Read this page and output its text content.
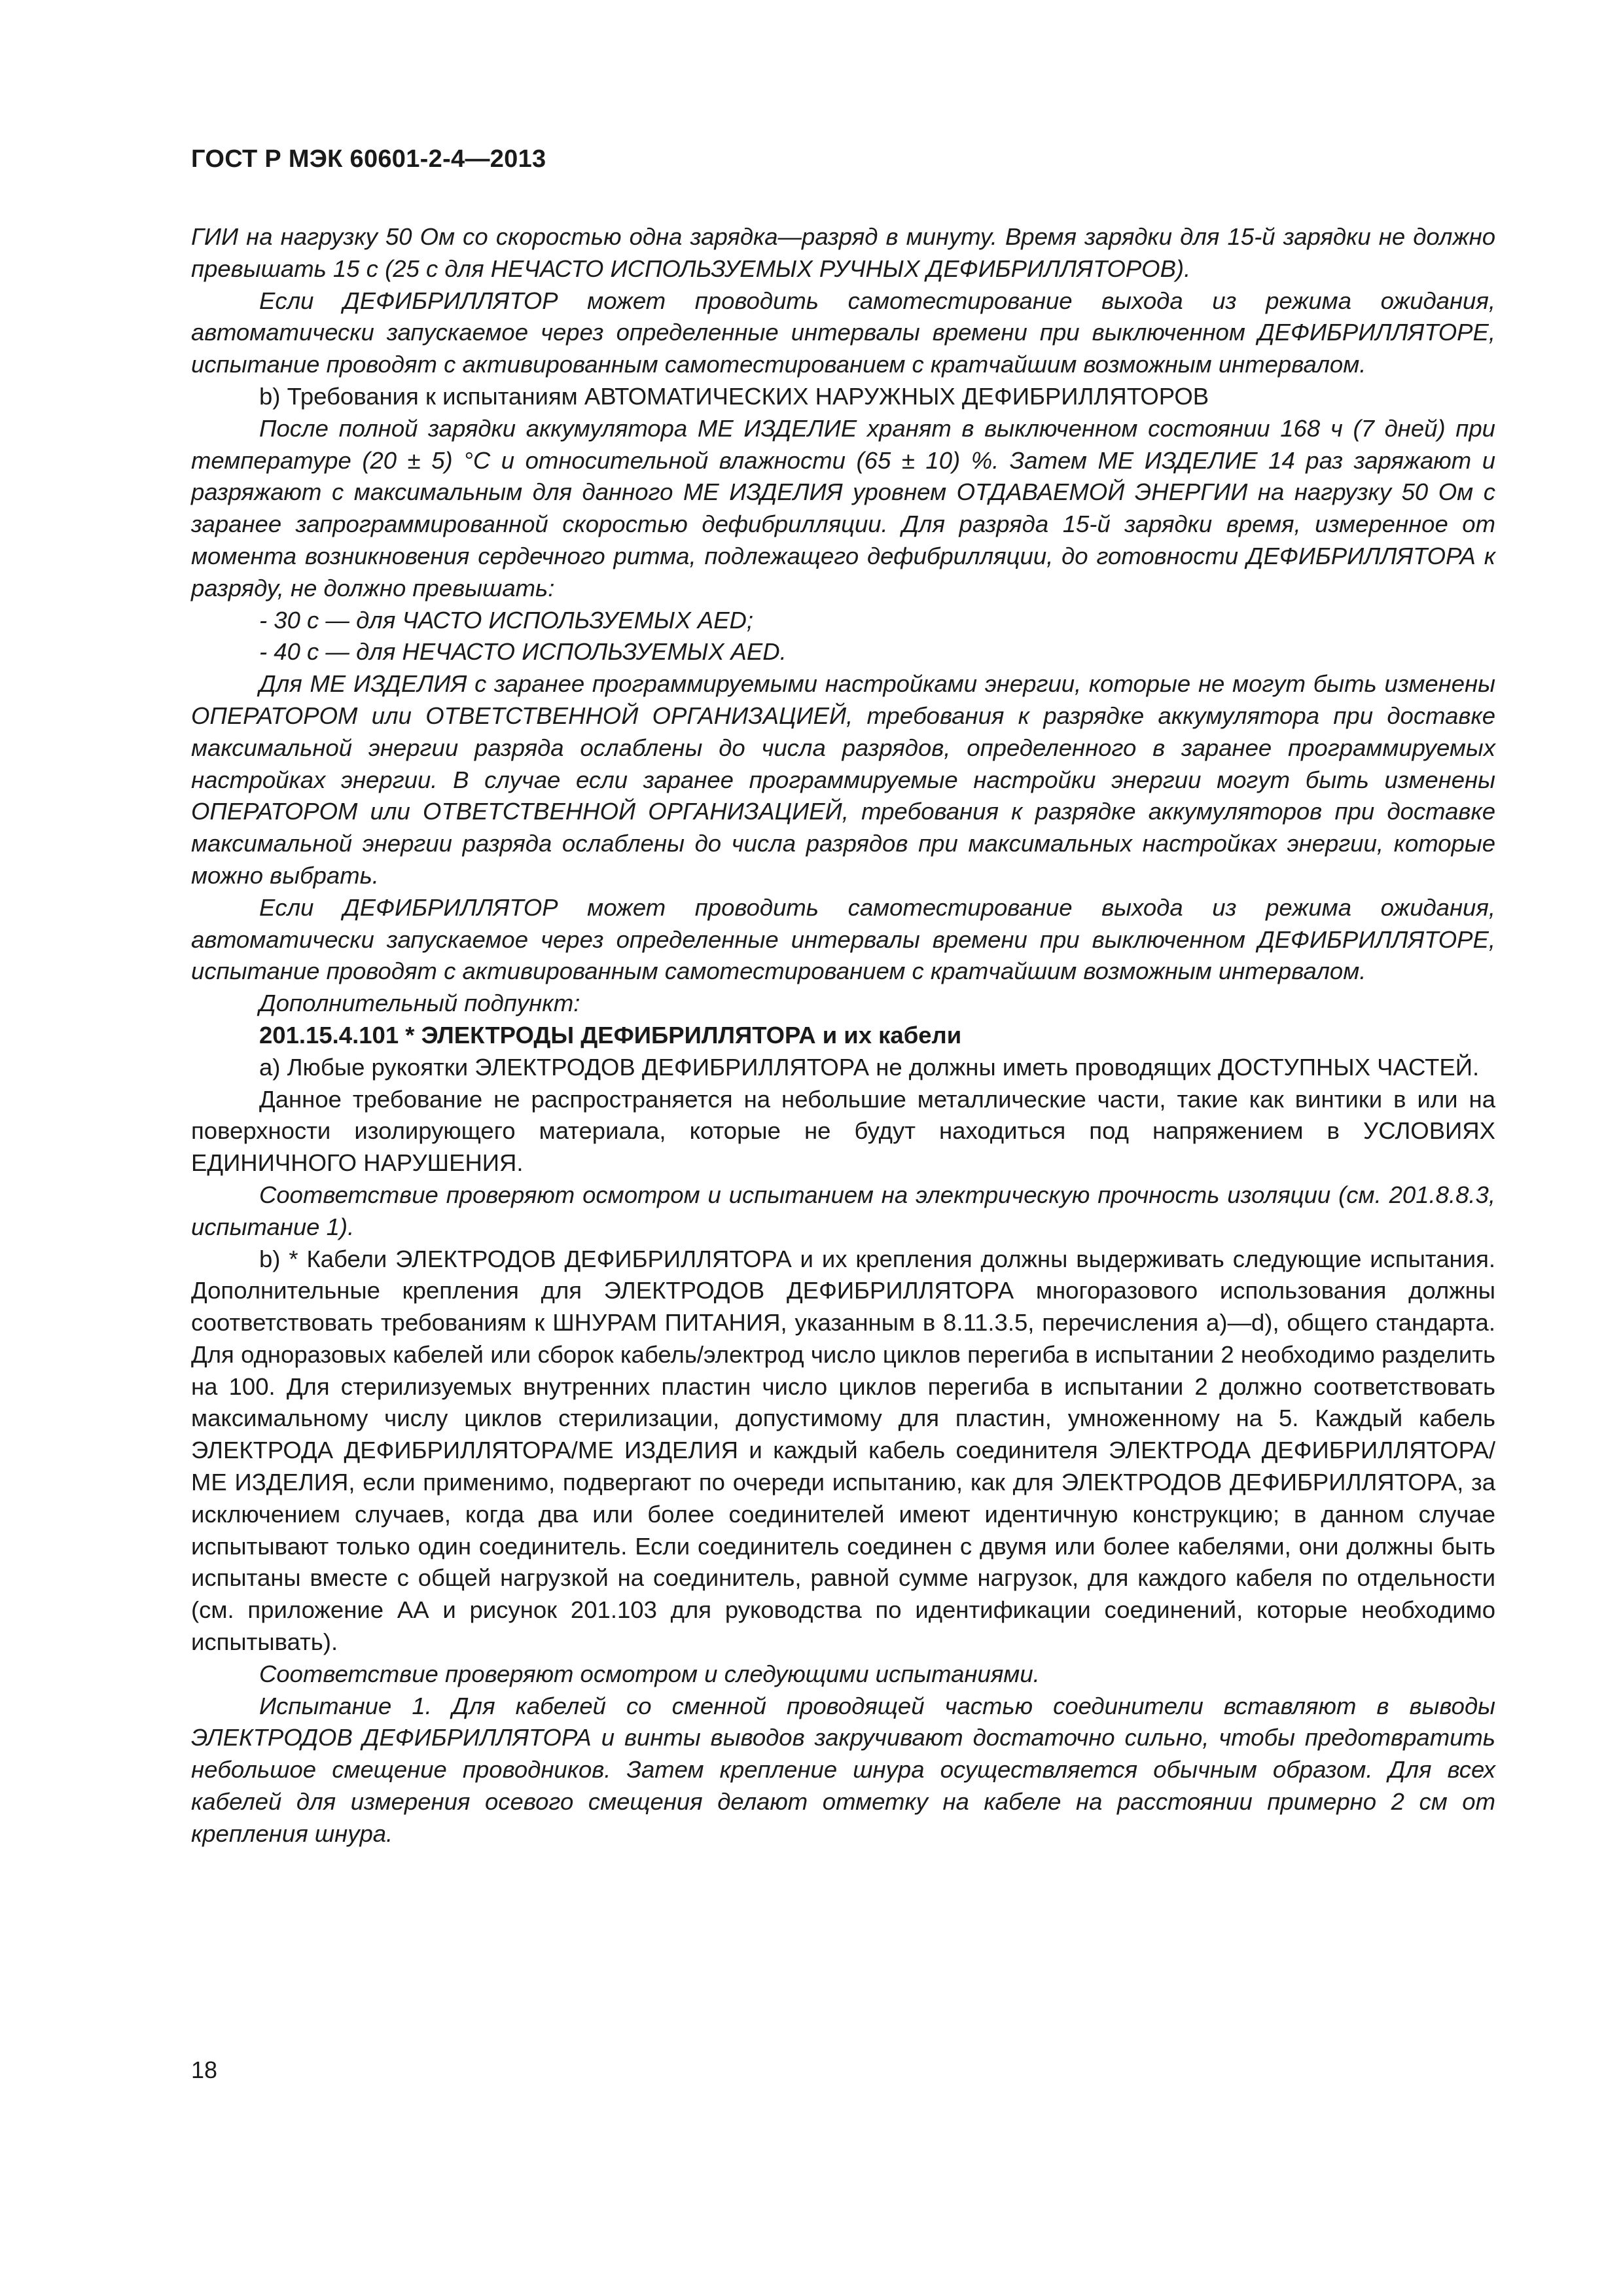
ГОСТ Р МЭК 60601-2-4—2013

ГИИ на нагрузку 50 Ом со скоростью одна зарядка—разряд в минуту. Время зарядки для 15-й зарядки не должно превышать 15 с (25 с для НЕЧАСТО ИСПОЛЬЗУЕМЫХ РУЧНЫХ ДЕФИБРИЛЛЯТОРОВ).

Если ДЕФИБРИЛЛЯТОР может проводить самотестирование выхода из режима ожидания, автоматически запускаемое через определенные интервалы времени при выключенном ДЕФИБРИЛЛЯТОРЕ, испытание проводят с активированным самотестированием с кратчайшим возможным интервалом.

b) Требования к испытаниям АВТОМАТИЧЕСКИХ НАРУЖНЫХ ДЕФИБРИЛЛЯТОРОВ

После полной зарядки аккумулятора МЕ ИЗДЕЛИЕ хранят в выключенном состоянии 168 ч (7 дней) при температуре (20 ± 5) °С и относительной влажности (65 ± 10) %. Затем МЕ ИЗДЕЛИЕ 14 раз заряжают и разряжают с максимальным для данного МЕ ИЗДЕЛИЯ уровнем ОТДАВАЕМОЙ ЭНЕРГИИ на нагрузку 50 Ом с заранее запрограммированной скоростью дефибрилляции. Для разряда 15-й зарядки время, измеренное от момента возникновения сердечного ритма, подлежащего дефибрилляции, до готовности ДЕФИБРИЛЛЯТОРА к разряду, не должно превышать:

- 30 с — для ЧАСТО ИСПОЛЬЗУЕМЫХ AED;

- 40 с — для НЕЧАСТО ИСПОЛЬЗУЕМЫХ AED.

Для МЕ ИЗДЕЛИЯ с заранее программируемыми настройками энергии, которые не могут быть изменены ОПЕРАТОРОМ или ОТВЕТСТВЕННОЙ ОРГАНИЗАЦИЕЙ, требования к разрядке аккумулятора при доставке максимальной энергии разряда ослаблены до числа разрядов, определенного в заранее программируемых настройках энергии. В случае если заранее программируемые настройки энергии могут быть изменены ОПЕРАТОРОМ или ОТВЕТСТВЕННОЙ ОРГАНИЗАЦИЕЙ, требования к разрядке аккумуляторов при доставке максимальной энергии разряда ослаблены до числа разрядов при максимальных настройках энергии, которые можно выбрать.

Если ДЕФИБРИЛЛЯТОР может проводить самотестирование выхода из режима ожидания, автоматически запускаемое через определенные интервалы времени при выключенном ДЕФИБРИЛЛЯТОРЕ, испытание проводят с активированным самотестированием с кратчайшим возможным интервалом.

Дополнительный подпункт:

201.15.4.101 * ЭЛЕКТРОДЫ ДЕФИБРИЛЛЯТОРА и их кабели

a) Любые рукоятки ЭЛЕКТРОДОВ ДЕФИБРИЛЛЯТОРА не должны иметь проводящих ДОСТУПНЫХ ЧАСТЕЙ.

Данное требование не распространяется на небольшие металлические части, такие как винтики в или на поверхности изолирующего материала, которые не будут находиться под напряжением в УСЛОВИЯХ ЕДИНИЧНОГО НАРУШЕНИЯ.

Соответствие проверяют осмотром и испытанием на электрическую прочность изоляции (см. 201.8.8.3, испытание 1).

b) * Кабели ЭЛЕКТРОДОВ ДЕФИБРИЛЛЯТОРА и их крепления должны выдерживать следующие испытания. Дополнительные крепления для ЭЛЕКТРОДОВ ДЕФИБРИЛЛЯТОРА многоразового использования должны соответствовать требованиям к ШНУРАМ ПИТАНИЯ, указанным в 8.11.3.5, перечисления а)—d), общего стандарта. Для одноразовых кабелей или сборок кабель/электрод число циклов перегиба в испытании 2 необходимо разделить на 100. Для стерилизуемых внутренних пластин число циклов перегиба в испытании 2 должно соответствовать максимальному числу циклов стерилизации, допустимому для пластин, умноженному на 5. Каждый кабель ЭЛЕКТРОДА ДЕФИБРИЛЛЯТОРА/МЕ ИЗДЕЛИЯ и каждый кабель соединителя ЭЛЕКТРОДА ДЕФИБРИЛЛЯТОРА/МЕ ИЗДЕЛИЯ, если применимо, подвергают по очереди испытанию, как для ЭЛЕКТРОДОВ ДЕФИБРИЛЛЯТОРА, за исключением случаев, когда два или более соединителей имеют идентичную конструкцию; в данном случае испытывают только один соединитель. Если соединитель соединен с двумя или более кабелями, они должны быть испытаны вместе с общей нагрузкой на соединитель, равной сумме нагрузок, для каждого кабеля по отдельности (см. приложение АА и рисунок 201.103 для руководства по идентификации соединений, которые необходимо испытывать).

Соответствие проверяют осмотром и следующими испытаниями.

Испытание 1. Для кабелей со сменной проводящей частью соединители вставляют в выводы ЭЛЕКТРОДОВ ДЕФИБРИЛЛЯТОРА и винты выводов закручивают достаточно сильно, чтобы предотвратить небольшое смещение проводников. Затем крепление шнура осуществляется обычным образом. Для всех кабелей для измерения осевого смещения делают отметку на кабеле на расстоянии примерно 2 см от крепления шнура.

18
